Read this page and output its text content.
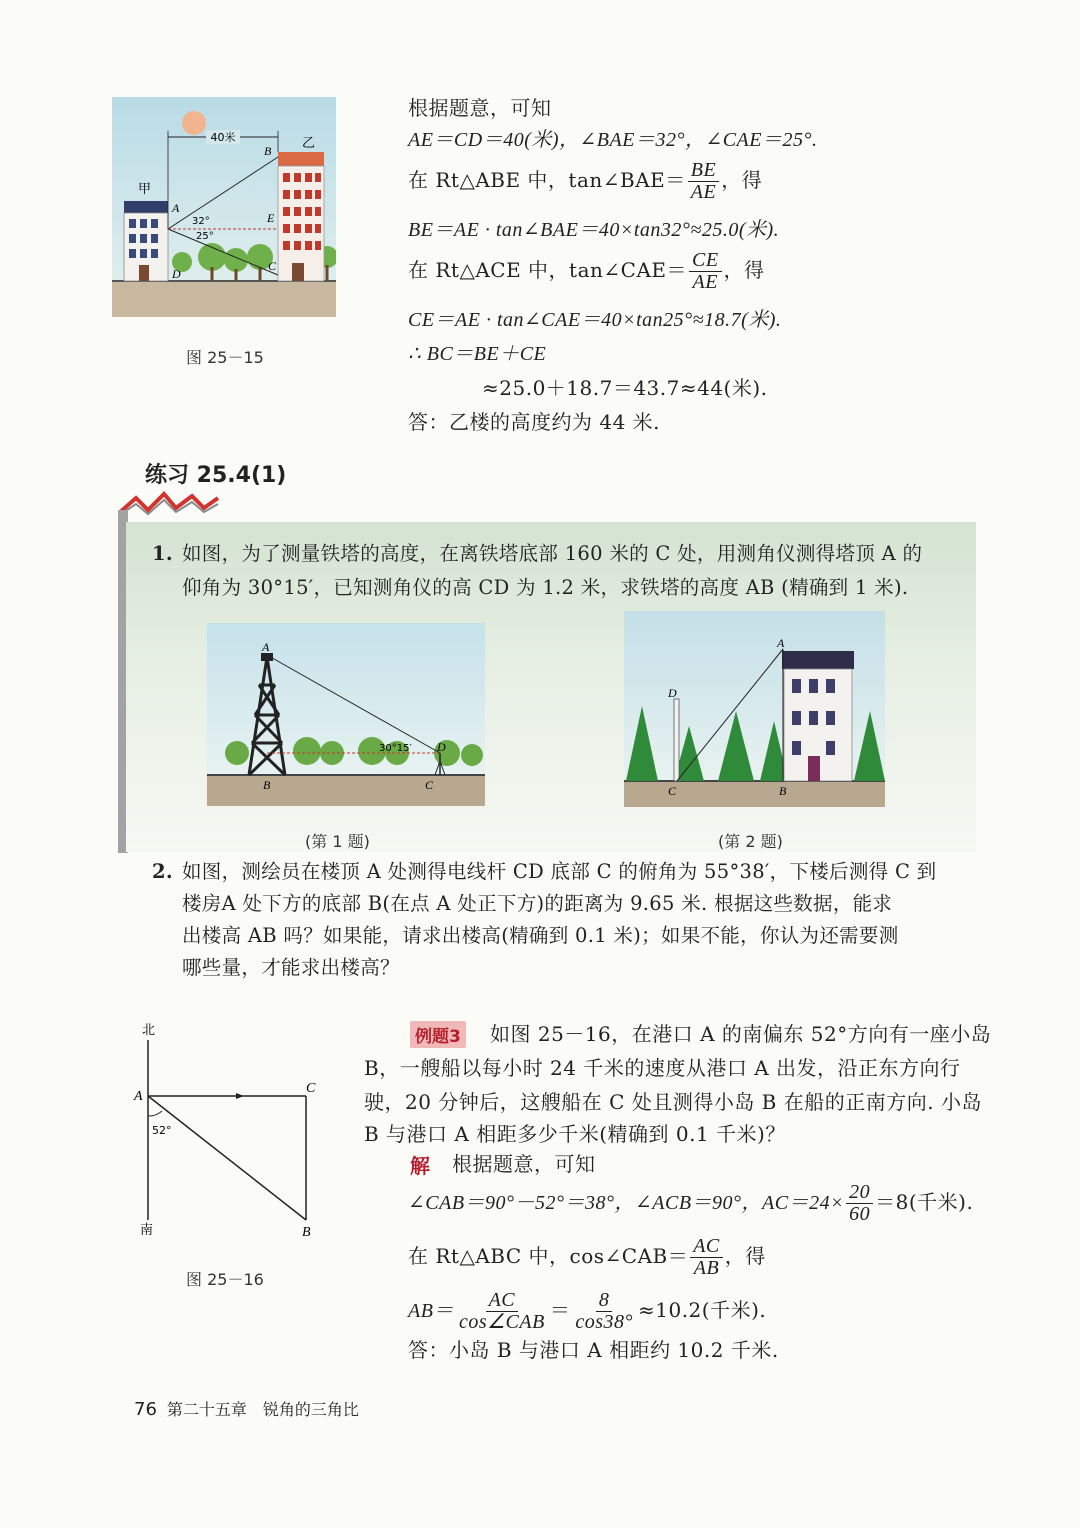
40米
甲
乙
B
A
E
C
D
32°
25°
图 25－15
根据题意，可知
AE＝CD＝40(米)，∠BAE＝32°，∠CAE＝25°.
在 Rt△ABE 中，tan∠BAE＝ $\frac{BE}{AE}$ ，得
BE＝AE · tan∠BAE＝40×tan32°≈25.0(米).
在 Rt△ACE 中，tan∠CAE＝ $\frac{CE}{AE}$ ，得
CE＝AE · tan∠CAE＝40×tan25°≈18.7(米).
∴ BC＝BE＋CE
≈25.0＋18.7＝43.7≈44(米).
答：乙楼的高度约为 44 米.
练习 25.4(1)
1. 如图，为了测量铁塔的高度，在离铁塔底部 160 米的 C 处，用测角仪测得塔顶 A 的
仰角为 30°15′，已知测角仪的高 CD 为 1.2 米，求铁塔的高度 AB (精确到 1 米).
A
B	C
D
30°15′
(第 1 题)
A
B
C
D
(第 2 题)
2. 如图，测绘员在楼顶 A 处测得电线杆 CD 底部 C 的俯角为 55°38′，下楼后测得 C 到
楼房A 处下方的底部 B(在点 A 处正下方)的距离为 9.65 米. 根据这些数据，能求
出楼高 AB 吗？如果能，请求出楼高(精确到 0.1 米)；如果不能，你认为还需要测
哪些量，才能求出楼高？
北
南
A
C
B
52°
图 25－16
例题3 如图 25－16，在港口 A 的南偏东 52°方向有一座小岛
B，一艘船以每小时 24 千米的速度从港口 A 出发，沿正东方向行
驶，20 分钟后，这艘船在 C 处且测得小岛 B 在船的正南方向. 小岛
B 与港口 A 相距多少千米(精确到 0.1 千米)？
解 根据题意，可知
∠CAB＝90°－52°＝38°，∠ACB＝90°，$AC=24\times \frac{20}{60} =8$(千米).
在 Rt△ABC 中，cos∠CAB＝ $\frac{AC}{AB}$ ，得
$AB= \frac{AC}{\text{cos∠CAB}} = \frac{8}{\cos 38^\circ} \approx 10.2$(千米).
答：小岛 B 与港口 A 相距约 10.2 千米.
76 第二十五章　锐角的三角比
